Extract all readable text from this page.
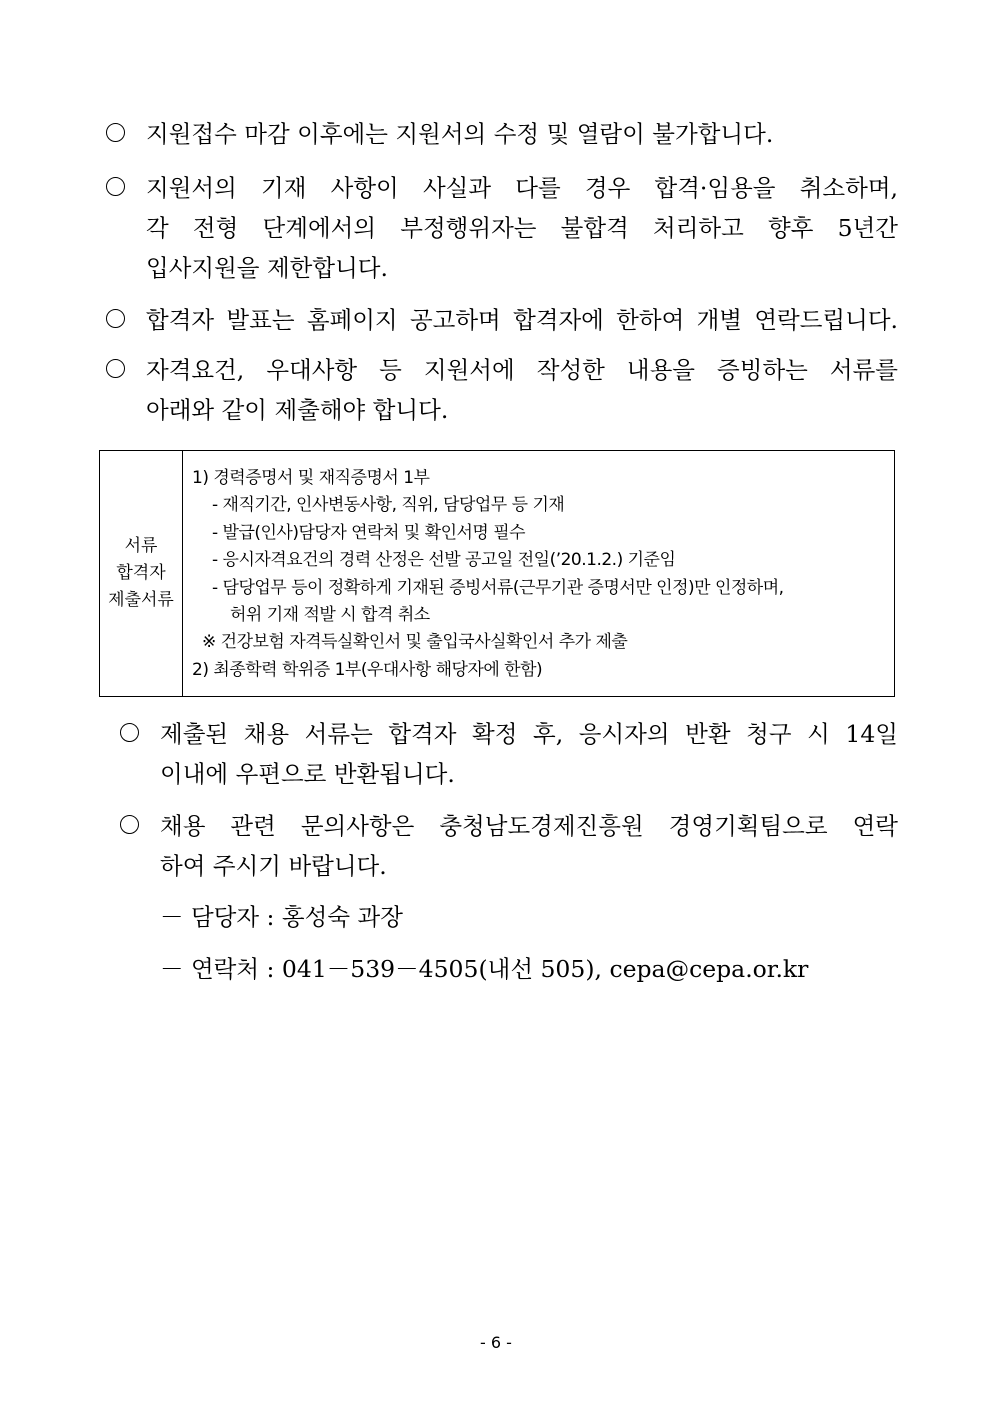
지원접수 마감 이후에는 지원서의 수정 및 열람이 불가합니다.
지원서의 기재 사항이 사실과 다를 경우 합격·임용을 취소하며,
각 전형 단계에서의 부정행위자는 불합격 처리하고 향후 5년간
입사지원을 제한합니다.
합격자 발표는 홈페이지 공고하며 합격자에 한하여 개별 연락드립니다.
자격요건, 우대사항 등 지원서에 작성한 내용을 증빙하는 서류를
아래와 같이 제출해야 합니다.
서류
합격자
제출서류
1) 경력증명서 및 재직증명서 1부
- 재직기간, 인사변동사항, 직위, 담당업무 등 기재
- 발급(인사)담당자 연락처 및 확인서명 필수
- 응시자격요건의 경력 산정은 선발 공고일 전일(’20.1.2.) 기준임
- 담당업무 등이 정확하게 기재된 증빙서류(근무기관 증명서만 인정)만 인정하며,
허위 기재 적발 시 합격 취소
※ 건강보험 자격득실확인서 및 출입국사실확인서 추가 제출
2) 최종학력 학위증 1부(우대사항 해당자에 한함)
제출된 채용 서류는 합격자 확정 후, 응시자의 반환 청구 시 14일
이내에 우편으로 반환됩니다.
채용 관련 문의사항은 충청남도경제진흥원 경영기획팀으로 연락
하여 주시기 바랍니다.
－ 담당자 : 홍성숙 과장
－ 연락처 : 041－539－4505(내선 505), cepa@cepa.or.kr
- 6 -
